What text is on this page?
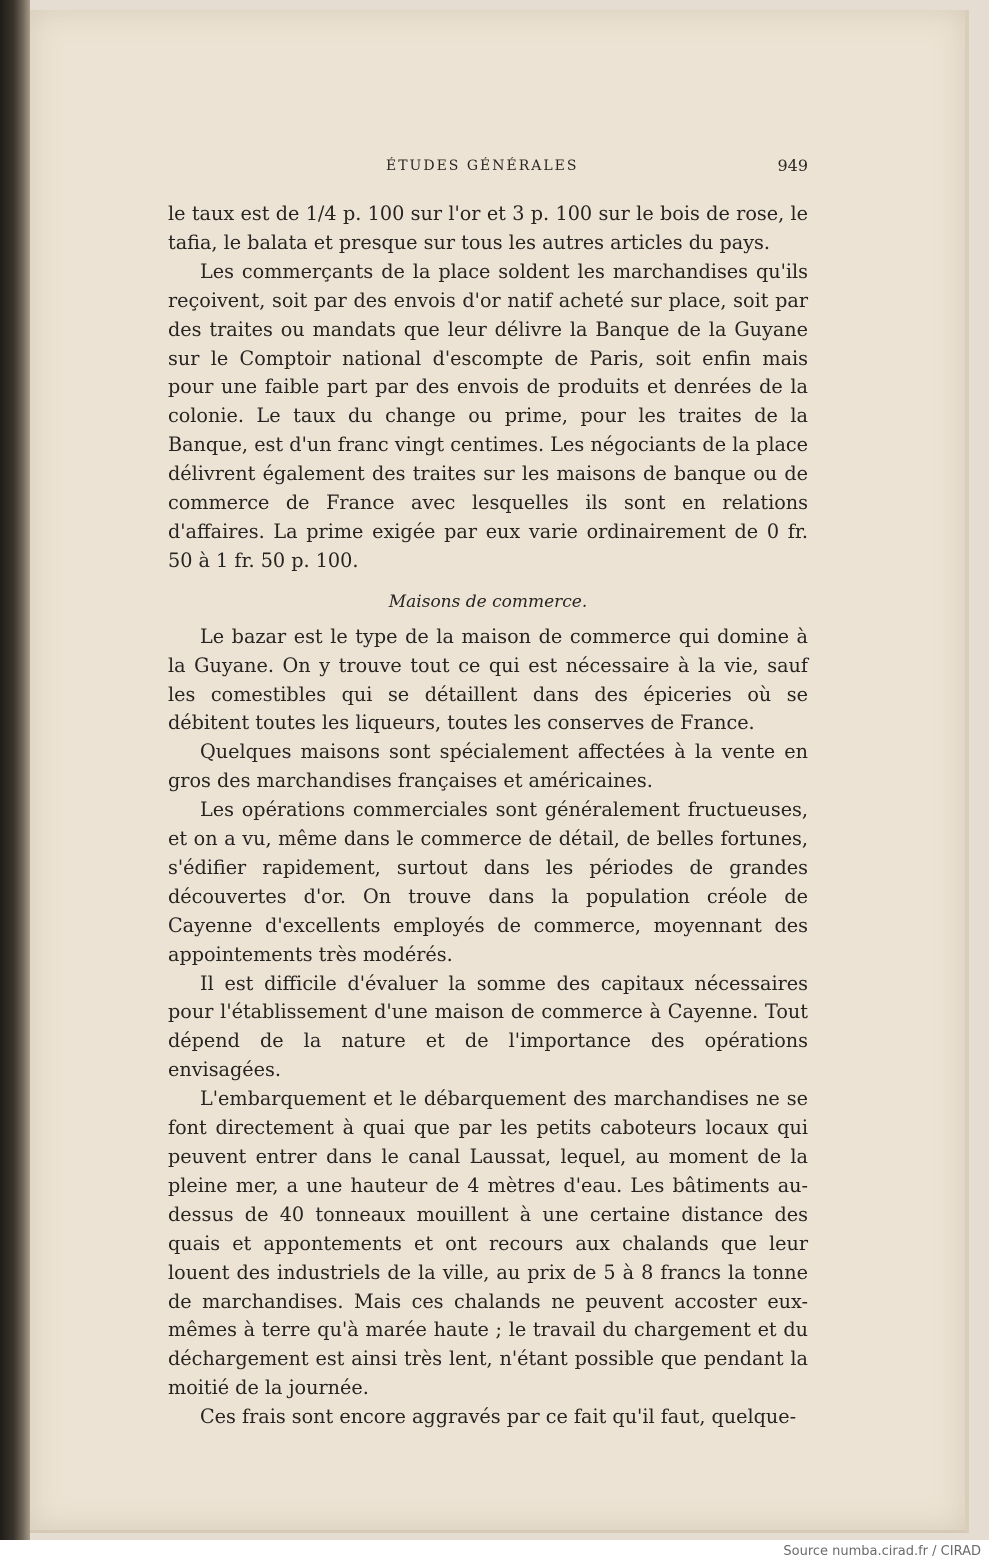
ÉTUDES GÉNÉRALES	949

le taux est de 1/4 p. 100 sur l'or et 3 p. 100 sur le bois de rose, le tafia, le balata et presque sur tous les autres articles du pays.

Les commerçants de la place soldent les marchandises qu'ils reçoivent, soit par des envois d'or natif acheté sur place, soit par des traites ou mandats que leur délivre la Banque de la Guyane sur le Comptoir national d'escompte de Paris, soit enfin mais pour une faible part par des envois de produits et denrées de la colonie. Le taux du change ou prime, pour les traites de la Banque, est d'un franc vingt centimes. Les négociants de la place délivrent également des traites sur les maisons de banque ou de commerce de France avec lesquelles ils sont en relations d'affaires. La prime exigée par eux varie ordinairement de 0 fr. 50 à 1 fr. 50 p. 100.

Maisons de commerce.

Le bazar est le type de la maison de commerce qui domine à la Guyane. On y trouve tout ce qui est nécessaire à la vie, sauf les comestibles qui se détaillent dans des épiceries où se débitent toutes les liqueurs, toutes les conserves de France.

Quelques maisons sont spécialement affectées à la vente en gros des marchandises françaises et américaines.

Les opérations commerciales sont généralement fructueuses, et on a vu, même dans le commerce de détail, de belles fortunes, s'édifier rapidement, surtout dans les périodes de grandes découvertes d'or. On trouve dans la population créole de Cayenne d'excellents employés de commerce, moyennant des appointements très modérés.

Il est difficile d'évaluer la somme des capitaux nécessaires pour l'établissement d'une maison de commerce à Cayenne. Tout dépend de la nature et de l'importance des opérations envisagées.

L'embarquement et le débarquement des marchandises ne se font directement à quai que par les petits caboteurs locaux qui peuvent entrer dans le canal Laussat, lequel, au moment de la pleine mer, a une hauteur de 4 mètres d'eau. Les bâtiments au-dessus de 40 tonneaux mouillent à une certaine distance des quais et appontements et ont recours aux chalands que leur louent des industriels de la ville, au prix de 5 à 8 francs la tonne de marchandises. Mais ces chalands ne peuvent accoster eux-mêmes à terre qu'à marée haute ; le travail du chargement et du déchargement est ainsi très lent, n'étant possible que pendant la moitié de la journée.

Ces frais sont encore aggravés par ce fait qu'il faut, quelque-

Source numba.cirad.fr / CIRAD
